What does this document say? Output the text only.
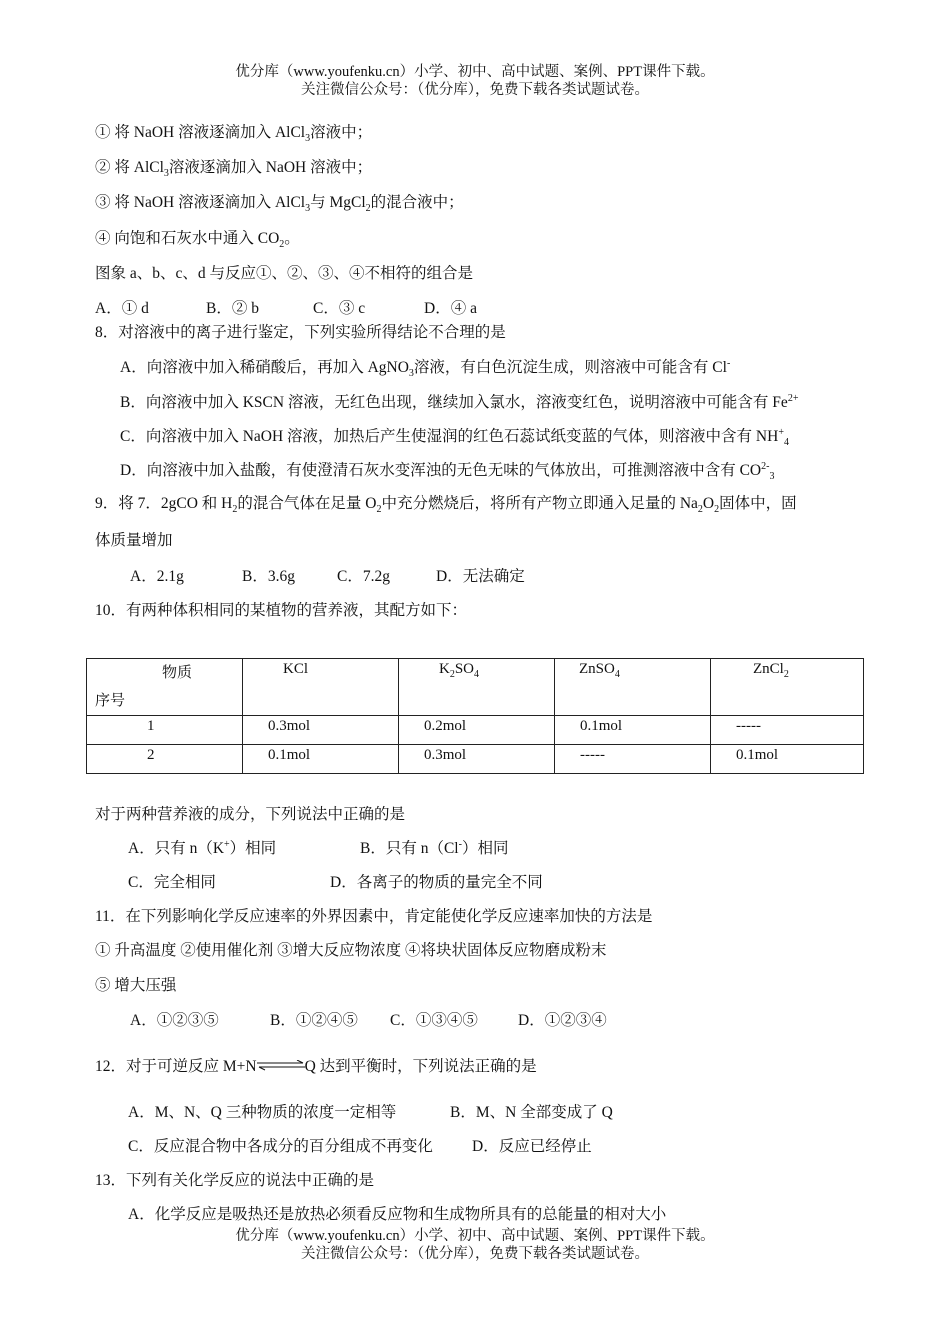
优分库（www.youfenku.cn）小学、初中、高中试题、案例、PPT课件下载。
关注微信公众号：（优分库），免费下载各类试题试卷。
① 将 NaOH 溶液逐滴加入 AlCl$_3$溶液中；
② 将 AlCl$_3$溶液逐滴加入 NaOH 溶液中；
③ 将 NaOH 溶液逐滴加入 AlCl$_3$与 MgCl$_2$的混合液中；
④ 向饱和石灰水中通入 $CO_2$。
图象 a、b、c、d 与反应①、②、③、④不相符的组合是
A．① d	B．② b	C．③ c	D．④ a
8．对溶液中的离子进行鉴定，下列实验所得结论不合理的是
A．向溶液中加入稀硝酸后，再加入 AgNO$_3$溶液，有白色沉淀生成，则溶液中可能含有 Cl-
B．向溶液中加入 KSCN 溶液，无红色出现，继续加入氯水，溶液变红色，说明溶液中可能含有 $Fe^{2+}$
C．向溶液中加入 NaOH 溶液，加热后产生使湿润的红色石蕊试纸变蓝的气体，则溶液中含有 $NH^+_4$
D．向溶液中加入盐酸，有使澄清石灰水变浑浊的无色无味的气体放出，可推测溶液中含有 $CO^{2-}_3$
9．将 7．2gCO 和 $H_2$的混合气体在足量 $O_2$中充分燃烧后，将所有产物立即通入足量的 $Na_2O_2$固体中，固
体质量增加
A．2.1g	B．3.6g	C．7.2g	D．无法确定
10．有两种体积相同的某植物的营养液，其配方如下：
物质
序号	KCl	$K_2SO_4$	ZnSO$_4$	ZnCl$_2$

1	0.3mol	0.2mol	0.1mol	-----

2	0.1mol	0.3mol	-----	0.1mol
对于两种营养液的成分，下列说法中正确的是
A．只有 n（K+）相同	B．只有 n（Cl-）相同
C．完全相同	D．各离子的物质的量完全不同
11．在下列影响化学反应速率的外界因素中，肯定能使化学反应速率加快的方法是
① 升高温度 ②使用催化剂 ③增大反应物浓度 ④将块状固体反应物磨成粉末
⑤ 增大压强
A．①②③⑤	B．①②④⑤ C．①③④⑤	D．①②③④
12．对于可逆反应 M+N⇌Q 达到平衡时，下列说法正确的是
A．M、N、Q 三种物质的浓度一定相等	B．M、N 全部变成了 Q
C．反应混合物中各成分的百分组成不再变化	D．反应已经停止
13．下列有关化学反应的说法中正确的是
A．化学反应是吸热还是放热必须看反应物和生成物所具有的总能量的相对大小
优分库（www.youfenku.cn）小学、初中、高中试题、案例、PPT课件下载。
关注微信公众号：（优分库），免费下载各类试题试卷。
